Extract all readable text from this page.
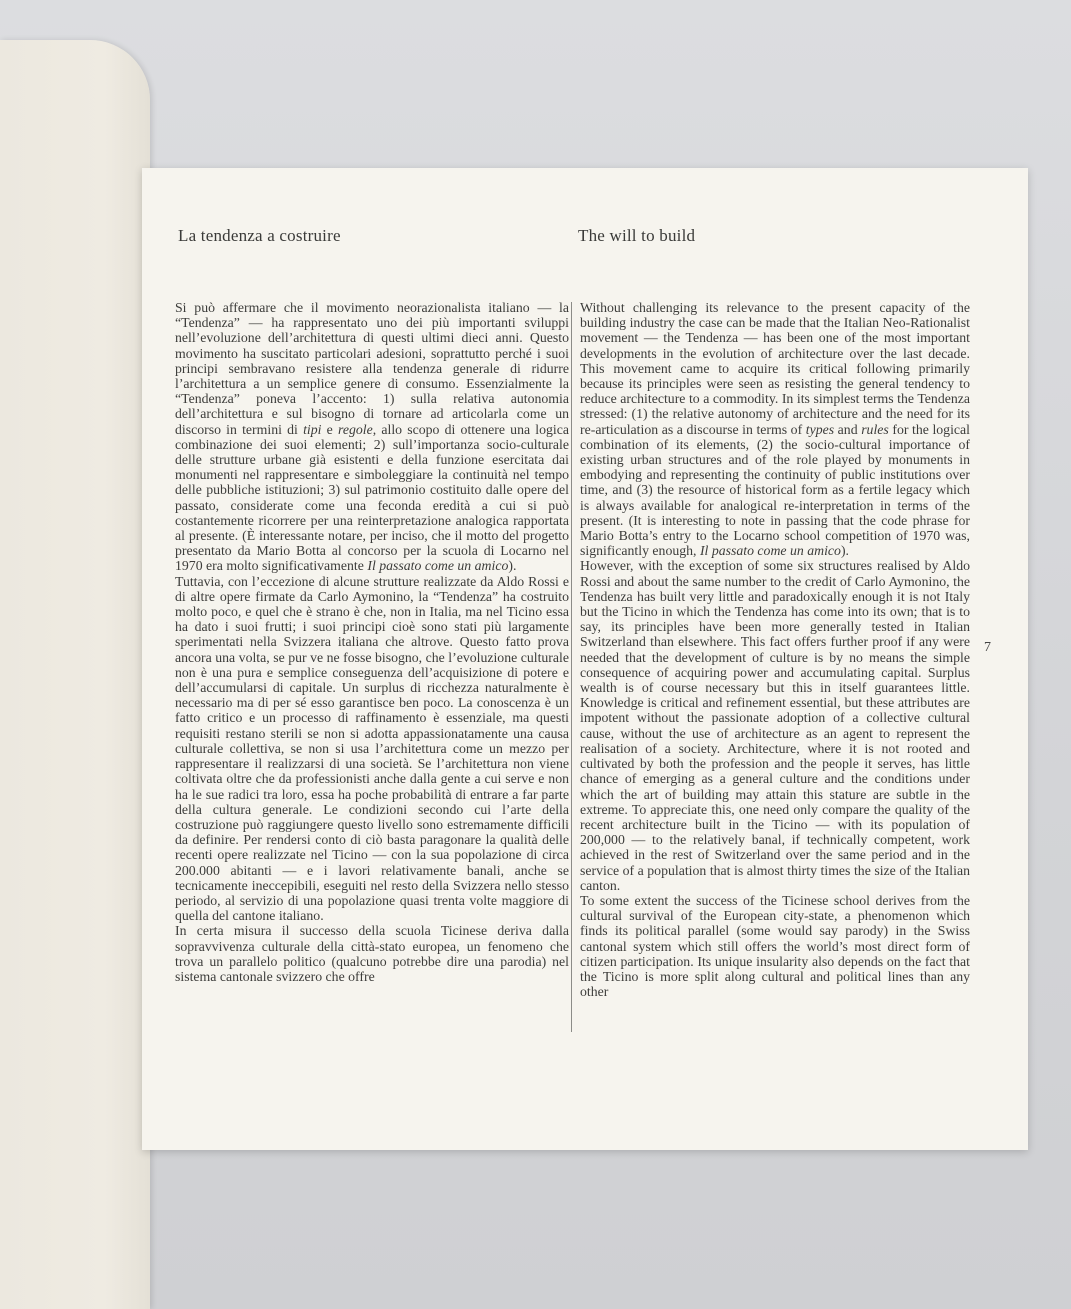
La tendenza a costruire	The will to build

Si può affermare che il movimento neorazionalista italiano — la “Tendenza” — ha rappresentato uno dei più importanti sviluppi nell’evoluzione dell’architettura di questi ultimi dieci anni. Questo movimento ha suscitato particolari adesioni, soprattutto perché i suoi principi sembravano resistere alla tendenza generale di ridurre l’architettura a un semplice genere di consumo. Essenzialmente la “Tendenza” poneva l’accento: 1) sulla relativa autonomia dell’architettura e sul bisogno di tornare ad articolarla come un discorso in termini di tipi e regole, allo scopo di ottenere una logica combinazione dei suoi elementi; 2) sull’importanza socio-culturale delle strutture urbane già esistenti e della funzione esercitata dai monumenti nel rappresentare e simboleggiare la continuità nel tempo delle pubbliche istituzioni; 3) sul patrimonio costituito dalle opere del passato, considerate come una feconda eredità a cui si può costantemente ricorrere per una reinterpretazione analogica rapportata al presente. (È interessante notare, per inciso, che il motto del progetto presentato da Mario Botta al concorso per la scuola di Locarno nel 1970 era molto significativamente Il passato come un amico).

Tuttavia, con l’eccezione di alcune strutture realizzate da Aldo Rossi e di altre opere firmate da Carlo Aymonino, la “Tendenza” ha costruito molto poco, e quel che è strano è che, non in Italia, ma nel Ticino essa ha dato i suoi frutti; i suoi principi cioè sono stati più largamente sperimentati nella Svizzera italiana che altrove. Questo fatto prova ancora una volta, se pur ve ne fosse bisogno, che l’evoluzione culturale non è una pura e semplice conseguenza dell’acquisizione di potere e dell’accumularsi di capitale. Un surplus di ricchezza naturalmente è necessario ma di per sé esso garantisce ben poco. La conoscenza è un fatto critico e un processo di raffinamento è essenziale, ma questi requisiti restano sterili se non si adotta appassionatamente una causa culturale collettiva, se non si usa l’architettura come un mezzo per rappresentare il realizzarsi di una società. Se l’architettura non viene coltivata oltre che da professionisti anche dalla gente a cui serve e non ha le sue radici tra loro, essa ha poche probabilità di entrare a far parte della cultura generale. Le condizioni secondo cui l’arte della costruzione può raggiungere questo livello sono estremamente difficili da definire. Per rendersi conto di ciò basta paragonare la qualità delle recenti opere realizzate nel Ticino — con la sua popolazione di circa 200.000 abitanti — e i lavori relativamente banali, anche se tecnicamente ineccepibili, eseguiti nel resto della Svizzera nello stesso periodo, al servizio di una popolazione quasi trenta volte maggiore di quella del cantone italiano.

In certa misura il successo della scuola Ticinese deriva dalla sopravvivenza culturale della città-stato europea, un fenomeno che trova un parallelo politico (qualcuno potrebbe dire una parodia) nel sistema cantonale svizzero che offre

Without challenging its relevance to the present capacity of the building industry the case can be made that the Italian Neo-Rationalist movement — the Tendenza — has been one of the most important developments in the evolution of architecture over the last decade. This movement came to acquire its critical following primarily because its principles were seen as resisting the general tendency to reduce architecture to a commodity. In its simplest terms the Tendenza stressed: (1) the relative autonomy of architecture and the need for its re-articulation as a discourse in terms of types and rules for the logical combination of its elements, (2) the socio-cultural importance of existing urban structures and of the role played by monuments in embodying and representing the continuity of public institutions over time, and (3) the resource of historical form as a fertile legacy which is always available for analogical re-interpretation in terms of the present. (It is interesting to note in passing that the code phrase for Mario Botta’s entry to the Locarno school competition of 1970 was, significantly enough, Il passato come un amico).

However, with the exception of some six structures realised by Aldo Rossi and about the same number to the credit of Carlo Aymonino, the Tendenza has built very little and paradoxically enough it is not Italy but the Ticino in which the Tendenza has come into its own; that is to say, its principles have been more generally tested in Italian Switzerland than elsewhere. This fact offers further proof if any were needed that the development of culture is by no means the simple consequence of acquiring power and accumulating capital. Surplus wealth is of course necessary but this in itself guarantees little. Knowledge is critical and refinement essential, but these attributes are impotent without the passionate adoption of a collective cultural cause, without the use of architecture as an agent to represent the realisation of a society. Architecture, where it is not rooted and cultivated by both the profession and the people it serves, has little chance of emerging as a general culture and the conditions under which the art of building may attain this stature are subtle in the extreme. To appreciate this, one need only compare the quality of the recent architecture built in the Ticino — with its population of 200,000 — to the relatively banal, if technically competent, work achieved in the rest of Switzerland over the same period and in the service of a population that is almost thirty times the size of the Italian canton.

To some extent the success of the Ticinese school derives from the cultural survival of the European city-state, a phenomenon which finds its political parallel (some would say parody) in the Swiss cantonal system which still offers the world’s most direct form of citizen participation. Its unique insularity also depends on the fact that the Ticino is more split along cultural and political lines than any other

7
